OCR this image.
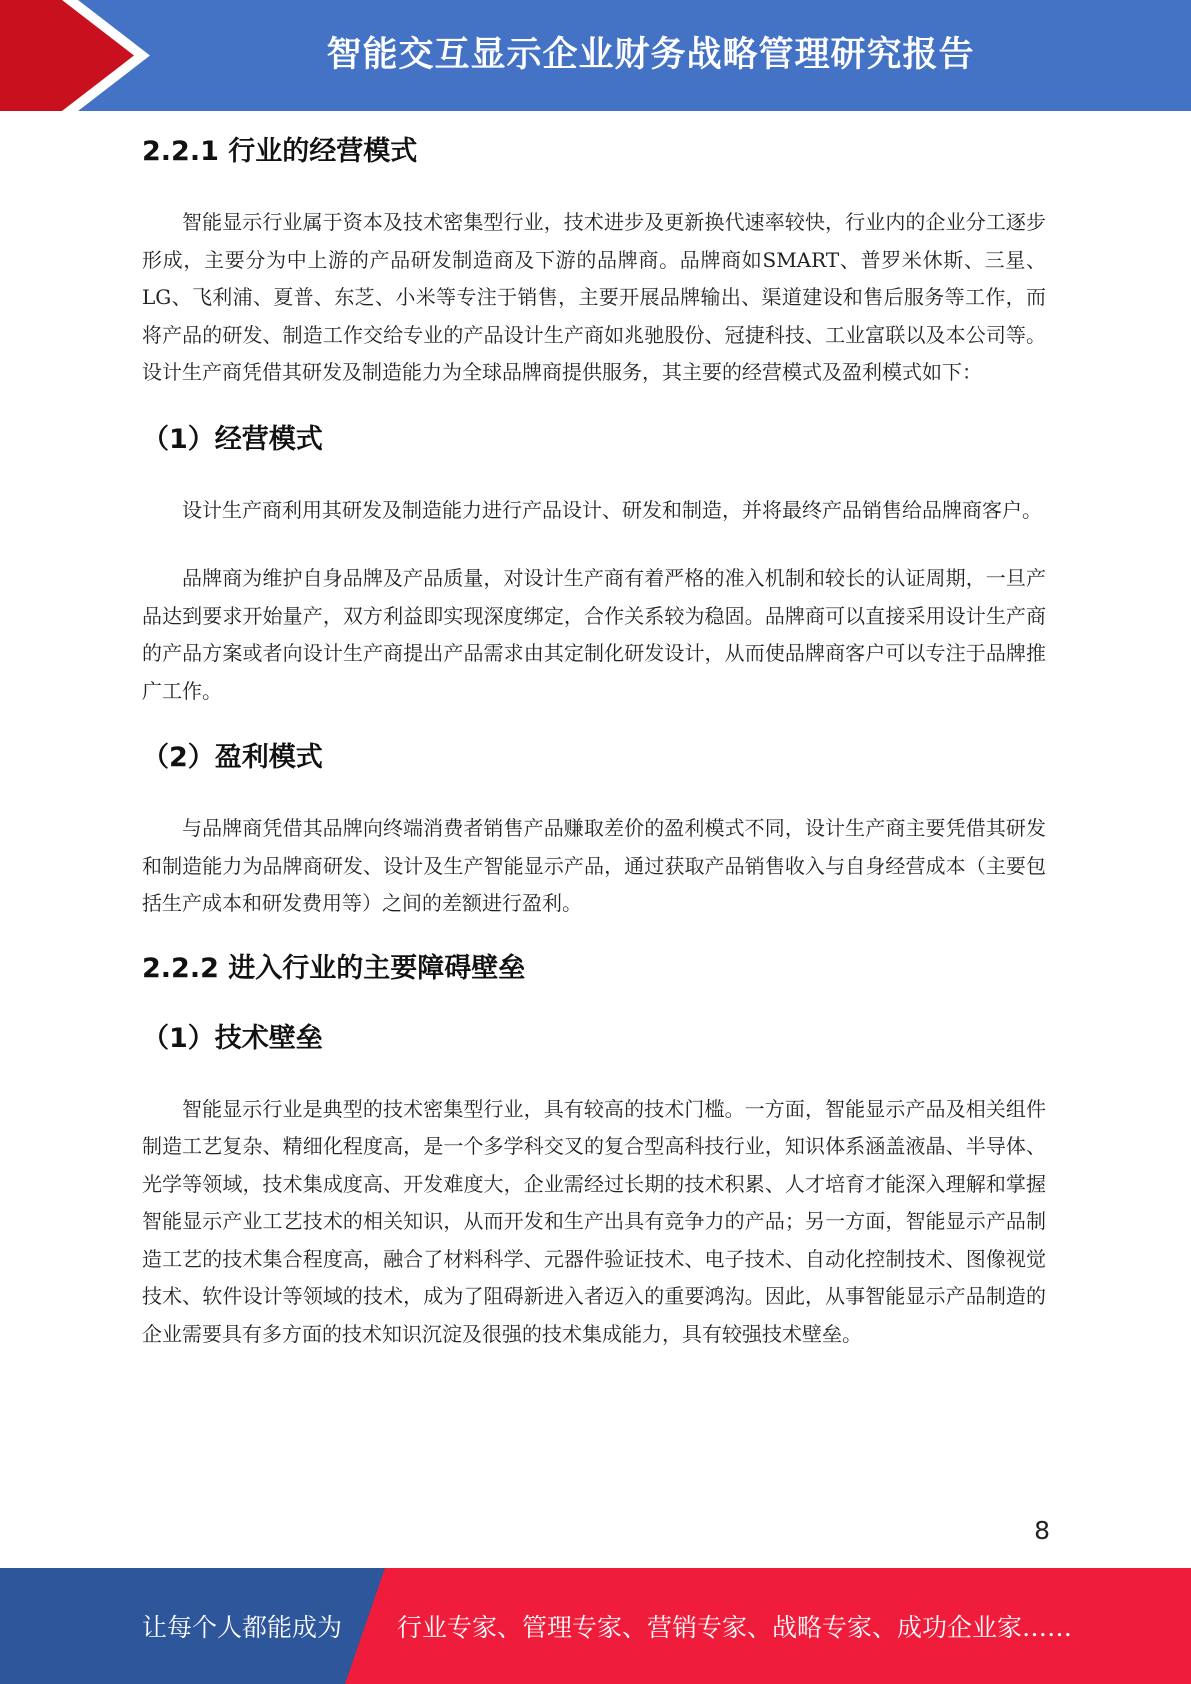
智能交互显示企业财务战略管理研究报告
2.2.1 行业的经营模式

智能显示行业属于资本及技术密集型行业，技术进步及更新换代速率较快，行业内的企业分工逐步形成，主要分为中上游的产品研发制造商及下游的品牌商。品牌商如SMART、普罗米休斯、三星、LG、飞利浦、夏普、东芝、小米等专注于销售，主要开展品牌输出、渠道建设和售后服务等工作，而将产品的研发、制造工作交给专业的产品设计生产商如兆驰股份、冠捷科技、工业富联以及本公司等。设计生产商凭借其研发及制造能力为全球品牌商提供服务，其主要的经营模式及盈利模式如下：

（1）经营模式

设计生产商利用其研发及制造能力进行产品设计、研发和制造，并将最终产品销售给品牌商客户。

品牌商为维护自身品牌及产品质量，对设计生产商有着严格的准入机制和较长的认证周期，一旦产品达到要求开始量产，双方利益即实现深度绑定，合作关系较为稳固。品牌商可以直接采用设计生产商的产品方案或者向设计生产商提出产品需求由其定制化研发设计，从而使品牌商客户可以专注于品牌推广工作。

（2）盈利模式

与品牌商凭借其品牌向终端消费者销售产品赚取差价的盈利模式不同，设计生产商主要凭借其研发和制造能力为品牌商研发、设计及生产智能显示产品，通过获取产品销售收入与自身经营成本（主要包括生产成本和研发费用等）之间的差额进行盈利。

2.2.2 进入行业的主要障碍壁垒
（1）技术壁垒

智能显示行业是典型的技术密集型行业，具有较高的技术门槛。一方面，智能显示产品及相关组件制造工艺复杂、精细化程度高，是一个多学科交叉的复合型高科技行业，知识体系涵盖液晶、半导体、光学等领域，技术集成度高、开发难度大，企业需经过长期的技术积累、人才培育才能深入理解和掌握智能显示产业工艺技术的相关知识，从而开发和生产出具有竞争力的产品；另一方面，智能显示产品制造工艺的技术集合程度高，融合了材料科学、元器件验证技术、电子技术、自动化控制技术、图像视觉技术、软件设计等领域的技术，成为了阻碍新进入者迈入的重要鸿沟。因此，从事智能显示产品制造的企业需要具有多方面的技术知识沉淀及很强的技术集成能力，具有较强技术壁垒。

8
让每个人都能成为 行业专家、管理专家、营销专家、战略专家、成功企业家……
